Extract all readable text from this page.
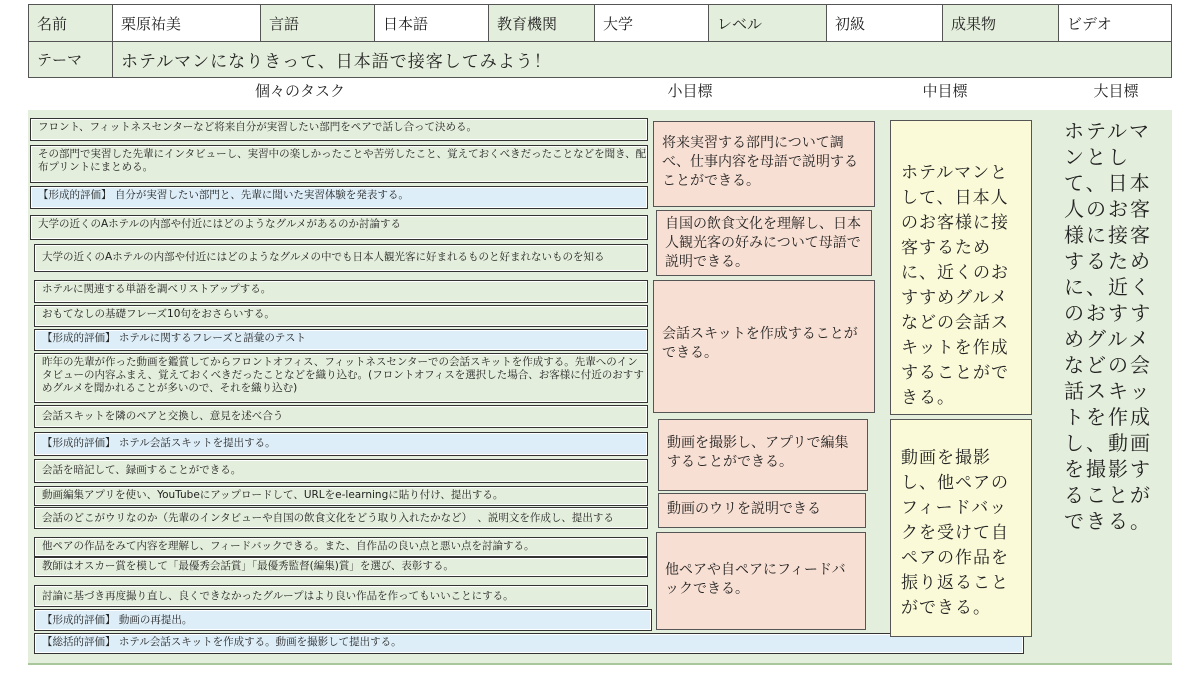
名前	栗原祐美	言語	日本語	教育機関	大学	レベル	初級	成果物	ビデオ
テーマ	ホテルマンになりきって、日本語で接客してみよう！
個々のタスク	小目標	中目標	大目標
フロント、フィットネスセンターなど将来自分が実習したい部門をペアで話し合って決める。
その部門で実習した先輩にインタビューし、実習中の楽しかったことや苦労したこと、覚えておくべきだったことなどを聞き、配布プリントにまとめる。
【形成的評価】 自分が実習したい部門と、先輩に聞いた実習体験を発表する。
大学の近くのAホテルの内部や付近にはどのようなグルメがあるのか討論する
大学の近くのAホテルの内部や付近にはどのようなグルメの中でも日本人観光客に好まれるものと好まれないものを知る
ホテルに関連する単語を調べリストアップする。
おもてなしの基礎フレーズ10句をおさらいする。
【形成的評価】 ホテルに関するフレーズと語彙のテスト
昨年の先輩が作った動画を鑑賞してからフロントオフィス、フィットネスセンターでの会話スキットを作成する。先輩へのインタビューの内容ふまえ、覚えておくべきだったことなどを織り込む。(フロントオフィスを選択した場合、お客様に付近のおすすめグルメを聞かれることが多いので、それを織り込む)
会話スキットを隣のペアと交換し、意見を述べ合う
【形成的評価】 ホテル会話スキットを提出する。
会話を暗記して、録画することができる。
動画編集アプリを使い、YouTubeにアップロードして、URLをe-learningに貼り付け、提出する。
会話のどこがウリなのか（先輩のインタビューや自国の飲食文化をどう取り入れたかなど）　、説明文を作成し、提出する
他ペアの作品をみて内容を理解し、フィードバックできる。また、自作品の良い点と悪い点を討論する。
教師はオスカー賞を模して「最優秀会話賞」「最優秀監督(編集)賞」を選び、表彰する。
討論に基づき再度撮り直し、良くできなかったグループはより良い作品を作ってもいいことにする。
【形成的評価】 動画の再提出。
【総括的評価】 ホテル会話スキットを作成する。動画を撮影して提出する。
将来実習する部門について調べ、仕事内容を母語で説明することができる。
自国の飲食文化を理解し、日本人観光客の好みについて母語で説明できる。
会話スキットを作成することができる。
動画を撮影し、アプリで編集することができる。
動画のウリを説明できる
他ペアや自ペアにフィードバックできる。
ホテルマンとして、日本人のお客様に接客するために、近くのおすすめグルメなどの会話スキットを作成することができる。
動画を撮影し、他ペアのフィードバックを受けて自ペアの作品を振り返ることができる。
ホテルマンとして、日本人のお客様に接客するために、近くのおすすめグルメなどの会話スキットを作成し、動画を撮影することができる。
